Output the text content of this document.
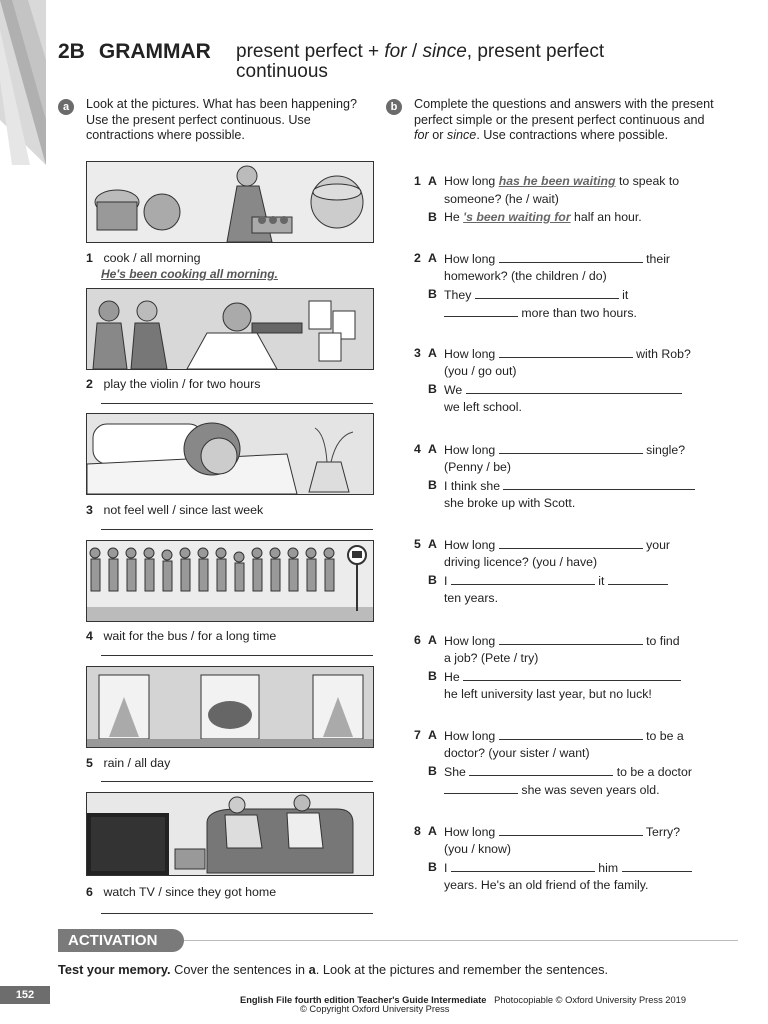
2B GRAMMAR present perfect + for / since, present perfect
continuous
a	Look at the pictures. What has been happening? Use the present perfect continuous. Use contractions where possible.
1 cook / all morning
He's been cooking all morning.
2 play the violin / for two hours
3 not feel well / since last week
4 wait for the bus / for a long time
5 rain / all day
6 watch TV / since they got home
b	Complete the questions and answers with the present perfect simple or the present perfect continuous and for or since. Use contractions where possible.
1 A How long has he been waiting to speak to
someone? (he / wait)
B He 's been waiting for half an hour.
2 A How long	their
homework? (the children / do)
B They	it
more than two hours.
3 A How long	with Rob?
(you / go out)
B We
we left school.
4 A How long	single?
(Penny / be)
B I think she
she broke up with Scott.
5 A How long	your
driving licence? (you / have)
B I	it
ten years.
6 A How long	to find
a job? (Pete / try)
B He
he left university last year, but no luck!
7 A How long	to be a
doctor? (your sister / want)
B She	to be a doctor
she was seven years old.
8 A How long	Terry?
(you / know)
B I	him
years. He's an old friend of the family.
ACTIVATION
Test your memory. Cover the sentences in a. Look at the pictures and remember the sentences.
152	English File fourth edition Teacher's Guide Intermediate Photocopiable © Oxford University Press 2019
© Copyright Oxford University Press
